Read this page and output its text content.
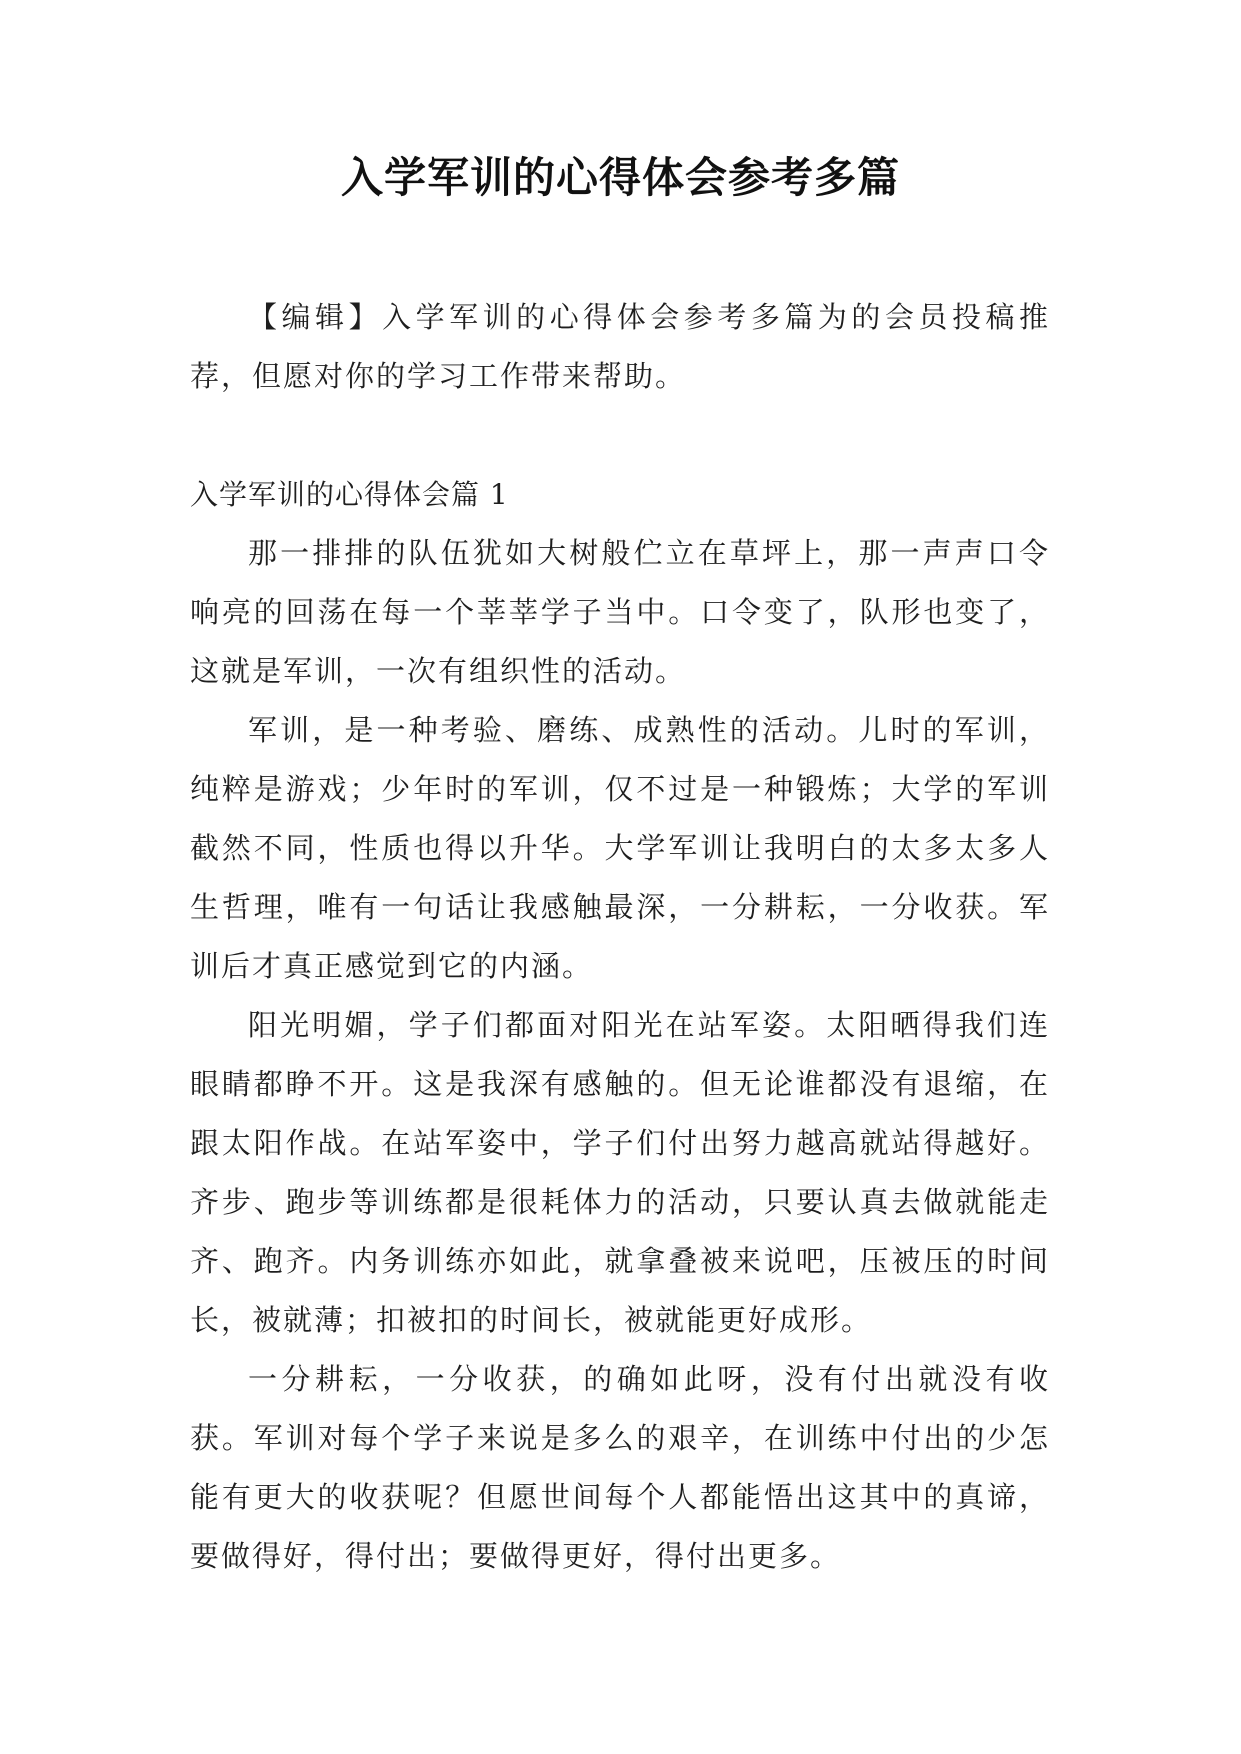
入学军训的心得体会参考多篇

【编辑】入学军训的心得体会参考多篇为的会员投稿推荐，但愿对你的学习工作带来帮助。

入学军训的心得体会篇 1

那一排排的队伍犹如大树般伫立在草坪上，那一声声口令响亮的回荡在每一个莘莘学子当中。口令变了，队形也变了，这就是军训，一次有组织性的活动。

军训，是一种考验、磨练、成熟性的活动。儿时的军训，纯粹是游戏；少年时的军训，仅不过是一种锻炼；大学的军训截然不同，性质也得以升华。大学军训让我明白的太多太多人生哲理，唯有一句话让我感触最深，一分耕耘，一分收获。军训后才真正感觉到它的内涵。

阳光明媚，学子们都面对阳光在站军姿。太阳晒得我们连眼睛都睁不开。这是我深有感触的。但无论谁都没有退缩，在跟太阳作战。在站军姿中，学子们付出努力越高就站得越好。齐步、跑步等训练都是很耗体力的活动，只要认真去做就能走齐、跑齐。内务训练亦如此，就拿叠被来说吧，压被压的时间长，被就薄；扣被扣的时间长，被就能更好成形。

一分耕耘，一分收获，的确如此呀，没有付出就没有收获。军训对每个学子来说是多么的艰辛，在训练中付出的少怎能有更大的收获呢？但愿世间每个人都能悟出这其中的真谛，要做得好，得付出；要做得更好，得付出更多。
